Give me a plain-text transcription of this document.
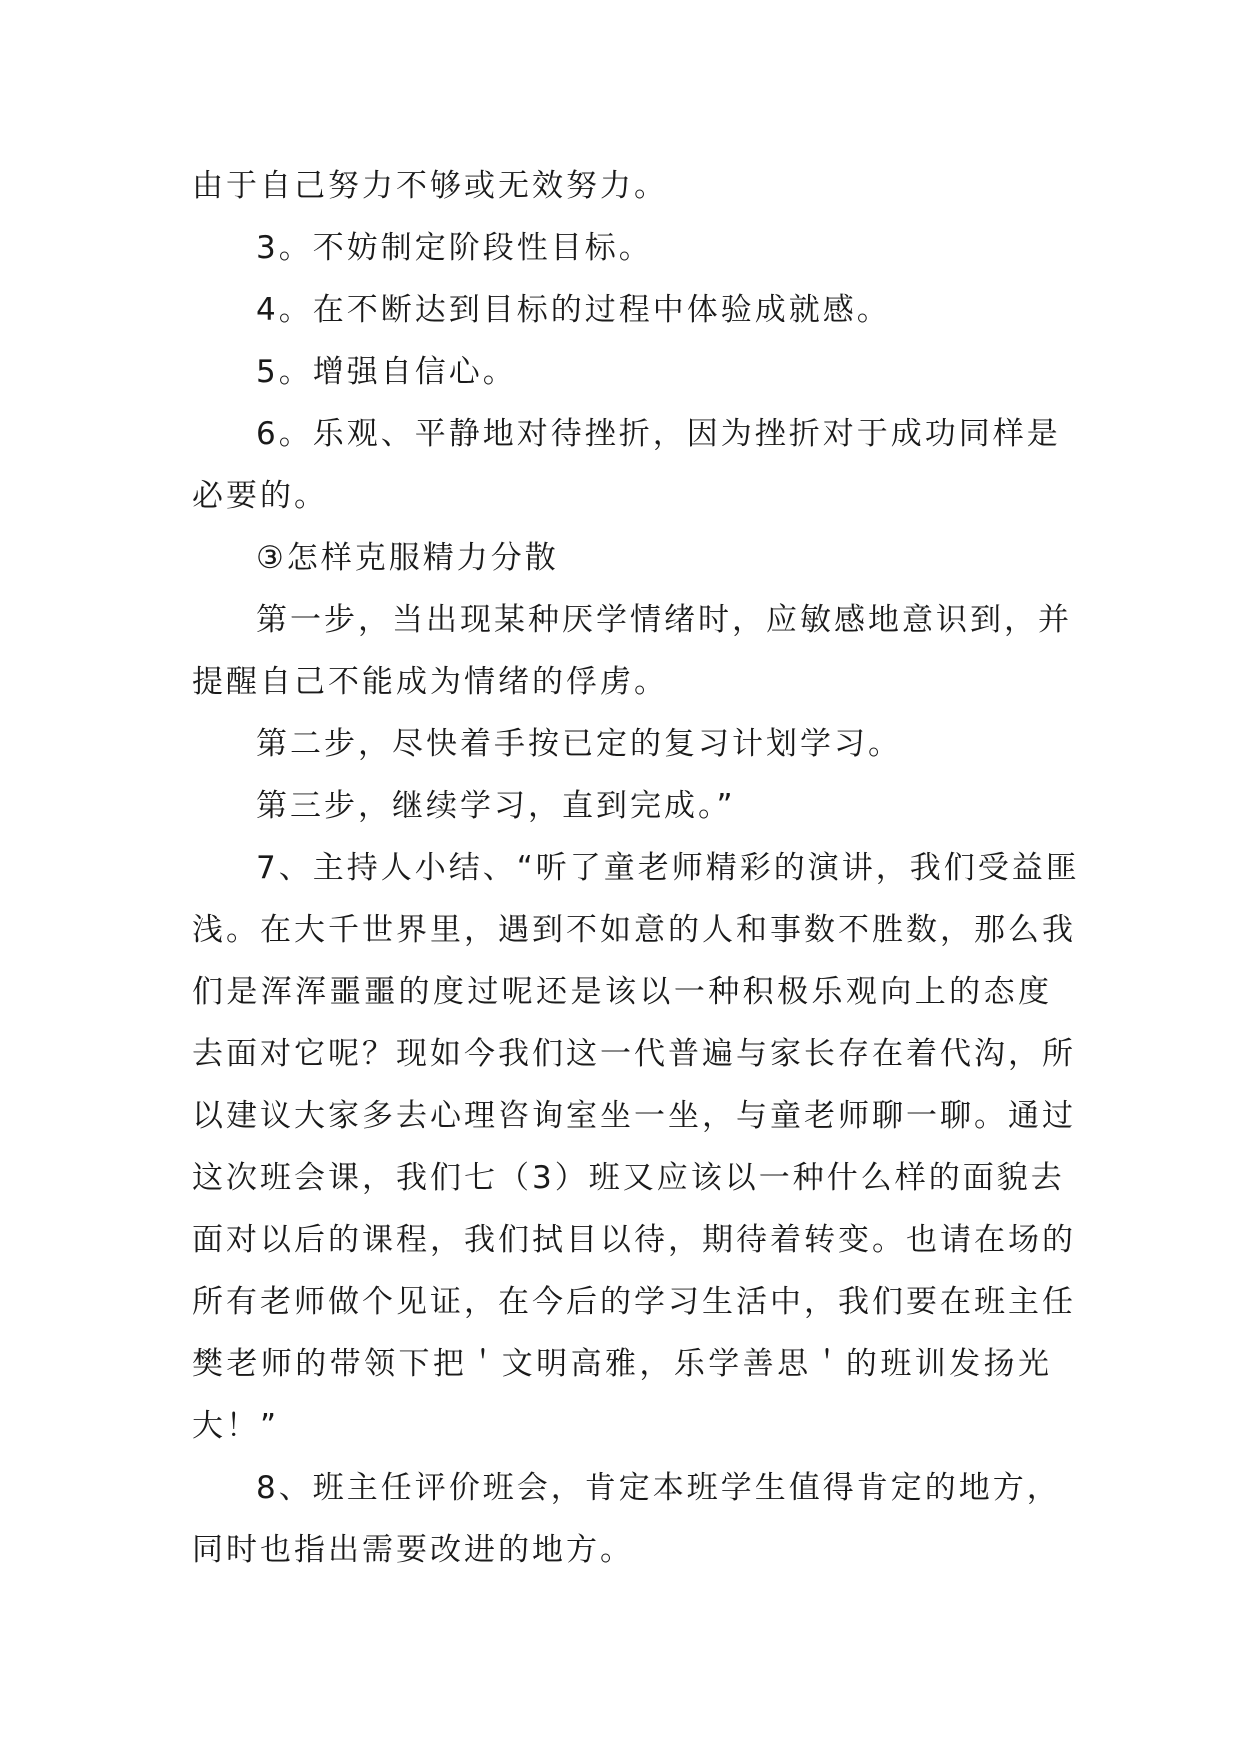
由于自己努力不够或无效努力。
3。不妨制定阶段性目标。
4。在不断达到目标的过程中体验成就感。
5。增强自信心。
6。乐观、平静地对待挫折，因为挫折对于成功同样是
必要的。
③怎样克服精力分散
第一步，当出现某种厌学情绪时，应敏感地意识到，并
提醒自己不能成为情绪的俘虏。
第二步，尽快着手按已定的复习计划学习。
第三步，继续学习，直到完成。”
7、主持人小结、“听了童老师精彩的演讲，我们受益匪
浅。在大千世界里，遇到不如意的人和事数不胜数，那么我
们是浑浑噩噩的度过呢还是该以一种积极乐观向上的态度
去面对它呢？现如今我们这一代普遍与家长存在着代沟，所
以建议大家多去心理咨询室坐一坐，与童老师聊一聊。通过
这次班会课，我们七（3）班又应该以一种什么样的面貌去
面对以后的课程，我们拭目以待，期待着转变。也请在场的
所有老师做个见证，在今后的学习生活中，我们要在班主任
樊老师的带领下把＇文明高雅，乐学善思＇的班训发扬光
大！”
8、班主任评价班会，肯定本班学生值得肯定的地方，
同时也指出需要改进的地方。
